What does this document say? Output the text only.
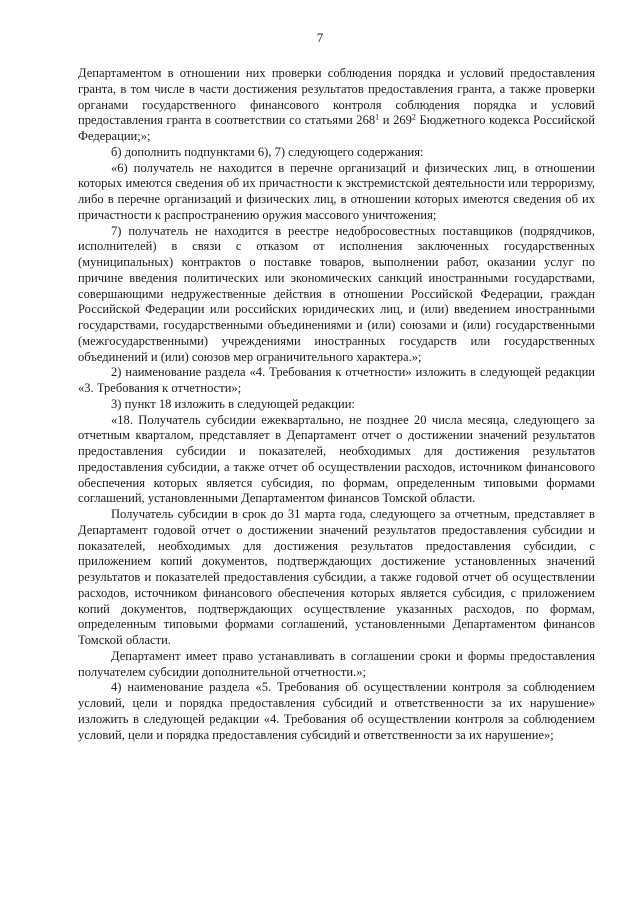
7

Департаментом в отношении них проверки соблюдения порядка и условий предоставления гранта, в том числе в части достижения результатов предоставления гранта, а также проверки органами государственного финансового контроля соблюдения порядка и условий предоставления гранта в соответствии со статьями $268^1$ и $269^2$ Бюджетного кодекса Российской Федерации;»;

б) дополнить подпунктами 6), 7) следующего содержания:

«6) получатель не находится в перечне организаций и физических лиц, в отношении которых имеются сведения об их причастности к экстремистской деятельности или терроризму, либо в перечне организаций и физических лиц, в отношении которых имеются сведения об их причастности к распространению оружия массового уничтожения;

7) получатель не находится в реестре недобросовестных поставщиков (подрядчиков, исполнителей) в связи с отказом от исполнения заключенных государственных (муниципальных) контрактов о поставке товаров, выполнении работ, оказании услуг по причине введения политических или экономических санкций иностранными государствами, совершающими недружественные действия в отношении Российской Федерации, граждан Российской Федерации или российских юридических лиц, и (или) введением иностранными государствами, государственными объединениями и (или) союзами и (или) государственными (межгосударственными) учреждениями иностранных государств или государственных объединений и (или) союзов мер ограничительного характера.»;

2) наименование раздела «4. Требования к отчетности» изложить в следующей редакции «3. Требования к отчетности»;

3) пункт 18 изложить в следующей редакции:

«18. Получатель субсидии ежеквартально, не позднее 20 числа месяца, следующего за отчетным кварталом, представляет в Департамент отчет о достижении значений результатов предоставления субсидии и показателей, необходимых для достижения результатов предоставления субсидии, а также отчет об осуществлении расходов, источником финансового обеспечения которых является субсидия, по формам, определенным типовыми формами соглашений, установленными Департаментом финансов Томской области.

Получатель субсидии в срок до 31 марта года, следующего за отчетным, представляет в Департамент годовой отчет о достижении значений результатов предоставления субсидии и показателей, необходимых для достижения результатов предоставления субсидии, с приложением копий документов, подтверждающих достижение установленных значений результатов и показателей предоставления субсидии, а также годовой отчет об осуществлении расходов, источником финансового обеспечения которых является субсидия, с приложением копий документов, подтверждающих осуществление указанных расходов, по формам, определенным типовыми формами соглашений, установленными Департаментом финансов Томской области.

Департамент имеет право устанавливать в соглашении сроки и формы предоставления получателем субсидии дополнительной отчетности.»;

4) наименование раздела «5. Требования об осуществлении контроля за соблюдением условий, цели и порядка предоставления субсидий и ответственности за их нарушение» изложить в следующей редакции «4. Требования об осуществлении контроля за соблюдением условий, цели и порядка предоставления субсидий и ответственности за их нарушение»;
